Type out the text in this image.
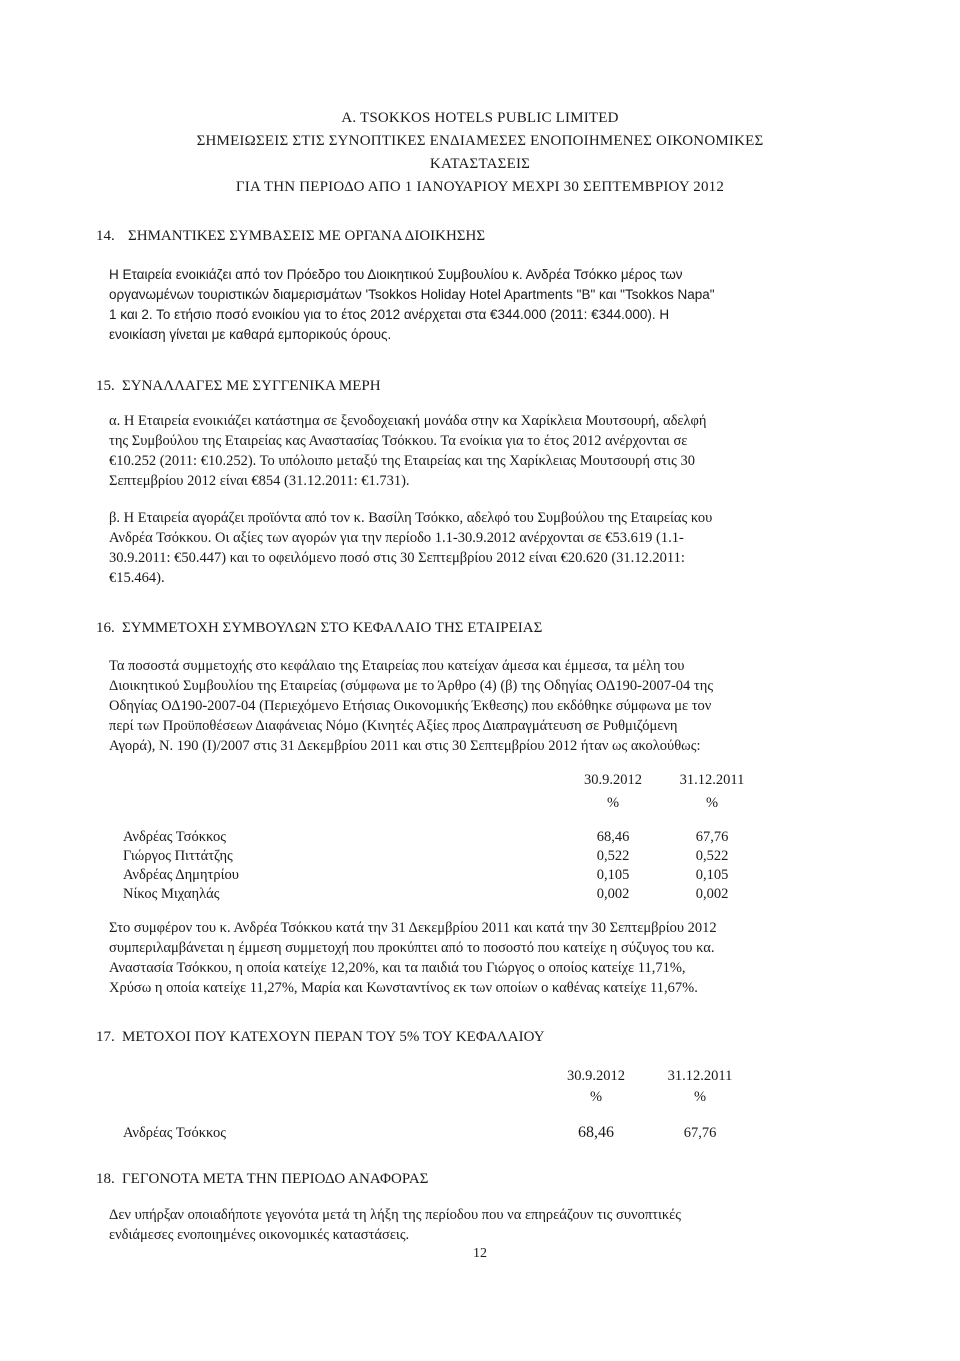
A. TSOKKOS HOTELS PUBLIC LIMITED
ΣΗΜΕΙΩΣΕΙΣ ΣΤΙΣ ΣΥΝΟΠΤΙΚΕΣ ΕΝΔΙΑΜΕΣΕΣ ΕΝΟΠΟΙΗΜΕΝΕΣ ΟΙΚΟΝΟΜΙΚΕΣ
ΚΑΤΑΣΤΑΣΕΙΣ
ΓΙΑ ΤΗΝ ΠΕΡΙΟΔΟ ΑΠΟ 1 ΙΑΝΟΥΑΡΙΟΥ ΜΕΧΡΙ 30 ΣΕΠΤΕΜΒΡΙΟΥ 2012
14. ΣΗΜΑΝΤΙΚΕΣ ΣΥΜΒΑΣΕΙΣ ΜΕ ΟΡΓΑΝΑ ΔΙΟΙΚΗΣΗΣ
Η Εταιρεία ενοικιάζει από τον Πρόεδρο του Διοικητικού Συμβουλίου κ. Ανδρέα Τσόκκο μέρος των
οργανωμένων τουριστικών διαμερισμάτων 'Tsokkos Holiday Hotel Apartments "B" και "Tsokkos Napa"
1 και 2. Το ετήσιο ποσό ενοικίου για το έτος 2012 ανέρχεται στα €344.000 (2011: €344.000). Η
ενοικίαση γίνεται με καθαρά εμπορικούς όρους.
15. ΣΥΝΑΛΛΑΓΕΣ ΜΕ ΣΥΓΓΕΝΙΚΑ ΜΕΡΗ
α. Η Εταιρεία ενοικιάζει κατάστημα σε ξενοδοχειακή μονάδα στην κα Χαρίκλεια Μουτσουρή, αδελφή
της Συμβούλου της Εταιρείας κας Αναστασίας Τσόκκου. Τα ενοίκια για το έτος 2012 ανέρχονται σε
€10.252 (2011: €10.252). Το υπόλοιπο μεταξύ της Εταιρείας και της Χαρίκλειας Μουτσουρή στις 30
Σεπτεμβρίου 2012 είναι €854 (31.12.2011: €1.731).
β. Η Εταιρεία αγοράζει προϊόντα από τον κ. Βασίλη Τσόκκο, αδελφό του Συμβούλου της Εταιρείας κου
Ανδρέα Τσόκκου. Οι αξίες των αγορών για την περίοδο 1.1-30.9.2012 ανέρχονται σε €53.619 (1.1-
30.9.2011: €50.447) και το οφειλόμενο ποσό στις 30 Σεπτεμβρίου 2012 είναι €20.620 (31.12.2011:
€15.464).
16. ΣΥΜΜΕΤΟΧΗ ΣΥΜΒΟΥΛΩΝ ΣΤΟ ΚΕΦΑΛΑΙΟ ΤΗΣ ΕΤΑΙΡΕΙΑΣ
Τα ποσοστά συμμετοχής στο κεφάλαιο της Εταιρείας που κατείχαν άμεσα και έμμεσα, τα μέλη του
Διοικητικού Συμβουλίου της Εταιρείας (σύμφωνα με το Άρθρο (4) (β) της Οδηγίας ΟΔ190-2007-04 της
Οδηγίας ΟΔ190-2007-04 (Περιεχόμενο Ετήσιας Οικονομικής Έκθεσης) που εκδόθηκε σύμφωνα με τον
περί των Προϋποθέσεων Διαφάνειας Νόμο (Κινητές Αξίες προς Διαπραγμάτευση σε Ρυθμιζόμενη
Αγορά), Ν. 190 (Ι)/2007 στις 31 Δεκεμβρίου 2011 και στις 30 Σεπτεμβρίου 2012 ήταν ως ακολούθως:
30.9.2012	31.12.2011
%	%
Ανδρέας Τσόκκος	68,46	67,76
Γιώργος Πιττάτζης	0,522	0,522
Ανδρέας Δημητρίου	0,105	0,105
Νίκος Μιχαηλάς	0,002	0,002
Στο συμφέρον του κ. Ανδρέα Τσόκκου κατά την 31 Δεκεμβρίου 2011 και κατά την 30 Σεπτεμβρίου 2012
συμπεριλαμβάνεται η έμμεση συμμετοχή που προκύπτει από το ποσοστό που κατείχε η σύζυγος του κα.
Αναστασία Τσόκκου, η οποία κατείχε 12,20%, και τα παιδιά του Γιώργος ο οποίος κατείχε 11,71%,
Χρύσω η οποία κατείχε 11,27%, Μαρία και Κωνσταντίνος εκ των οποίων ο καθένας κατείχε 11,67%.
17. ΜΕΤΟΧΟΙ ΠΟΥ ΚΑΤΕΧΟΥΝ ΠΕΡΑΝ ΤΟΥ 5% ΤΟΥ ΚΕΦΑΛΑΙΟΥ
30.9.2012	31.12.2011
%	%
Ανδρέας Τσόκκος	68,46	67,76
18. ΓΕΓΟΝΟΤΑ ΜΕΤΑ ΤΗΝ ΠΕΡΙΟΔΟ ΑΝΑΦΟΡΑΣ
Δεν υπήρξαν οποιαδήποτε γεγονότα μετά τη λήξη της περίοδου που να επηρεάζουν τις συνοπτικές
ενδιάμεσες ενοποιημένες οικονομικές καταστάσεις.
12
